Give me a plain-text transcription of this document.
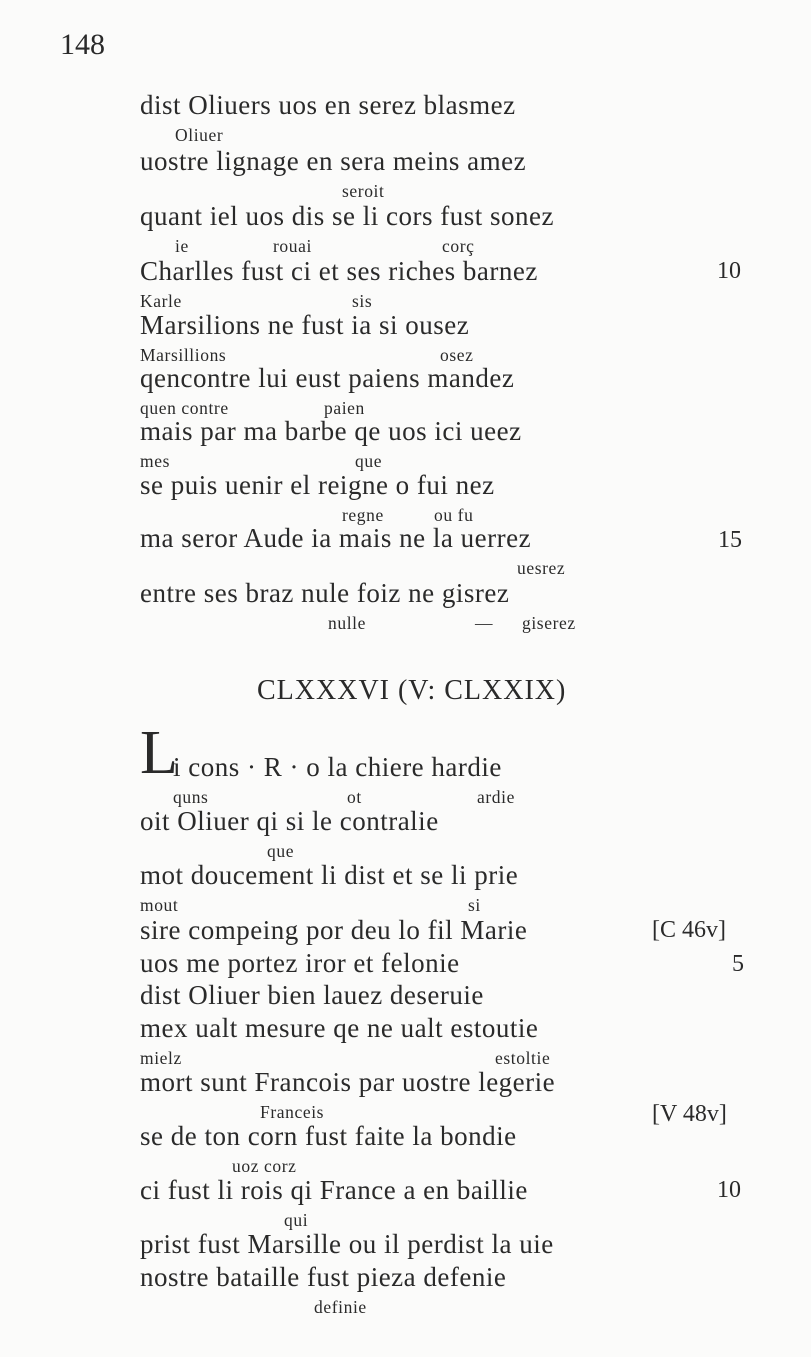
148
dist Oliuers uos en serez blasmez
Oliuer
uostre lignage en sera meins amez
seroit
quant iel uos dis se li cors fust sonez
ie	rouai	corç
Charlles fust ci et ses riches barnez	10
Karle	sis
Marsilions ne fust ia si ousez
Marsillions	osez
qencontre lui eust paiens mandez
quen contre	paien
mais par ma barbe qe uos ici ueez
mes	que
se puis uenir el reigne o fui nez
regne	ou fu
ma seror Aude ia mais ne la uerrez	15
uesrez
entre ses braz nule foiz ne gisrez
nulle	— giserez
CLXXXVI (V: CLXXIX)
L
i cons · R · o la chiere hardie
quns	ot	ardie
oit Oliuer qi si le contralie
que
mot doucement li dist et se li prie
mout	si
sire compeing por deu lo fil Marie	[C 46v]
uos me portez iror et felonie	5
dist Oliuer bien lauez deseruie
mex ualt mesure qe ne ualt estoutie
mielz	estoltie
mort sunt Francois par uostre legerie
Franceis	[V 48v]
se de ton corn fust faite la bondie
uoz corz
ci fust li rois qi France a en baillie	10
qui
prist fust Marsille ou il perdist la uie
nostre bataille fust pieza defenie
definie
